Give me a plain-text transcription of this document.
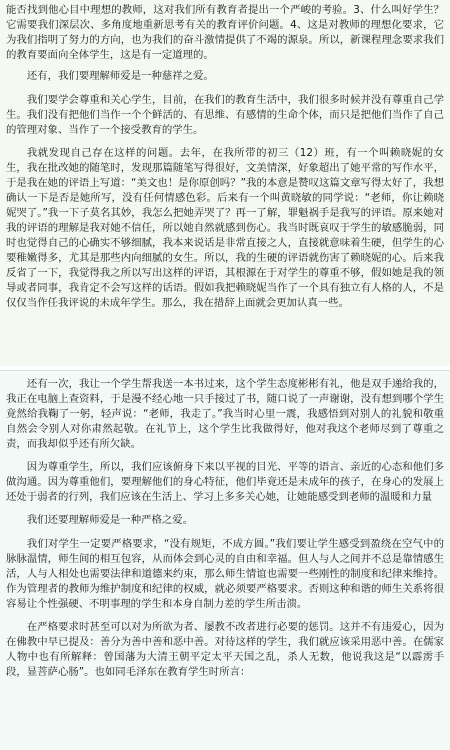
能否找到他心目中理想的教师，这对我们所有教育者提出一个严峻的考验。3、什么叫好学生？它需要我们深层次、多角度地重新思考有关的教育评价问题。4、这是对教师的理想化要求，它为我们指明了努力的方向，也为我们的奋斗激情提供了不竭的源泉。所以，新课程理念要求我们的教育要面向全体学生，这是有一定道理的。

还有，我们要理解师爱是一种慈祥之爱。

我们要学会尊重和关心学生，目前，在我们的教育生活中，我们很多时候并没有尊重自己学生。我们没有把他们当作一个个鲜活的、有思维、有感情的生命个体，而只是把他们当作了自己的管理对象、当作了一个接受教育的学生。

我就发现自己存在这样的问题。去年，在我所带的初三（12）班，有一个叫赖晓妮的女生，我在批改她的随笔时，发现那篇随笔写得很好，文美情深，好象超出了她平常的写作水平，于是我在她的评语上写道：“美文也！是你原创吗？”我的本意是赞叹这篇文章写得太好了，我想确认一下是否是她所写，没有任何情感色彩。后来有一个叫黄晓敏的同学说：“老师，你让赖晓妮哭了。”我一下子莫名其妙，我怎么把她弄哭了？再一了解，罪魁祸手是我写的评语。原来她对我的评语的理解是我对她不信任，所以她自然就感到伤心。我当时既哀叹于学生的敏感脆弱，同时也觉得自己的心确实不够细腻，我本来说话是非常直接之人，直接就意味着生硬，但学生的心要稚嫩得多，尤其是那些内向细腻的女生。所以，我的生硬的评语就伤害了赖晓妮的心。后来我反省了一下，我觉得我之所以写出这样的评语，其根源在于对学生的尊重不够，假如她是我的领导或者同事，我肯定不会写这样的话语。假如我把赖晓妮当作了一个具有独立有人格的人，不是仅仅当作任我评说的未成年学生。那么，我在措辞上面就会更加认真一些。

还有一次，我让一个学生帮我送一本书过来，这个学生态度彬彬有礼，他是双手递给我的，我正在电脑上查资料，于是漫不经心地一只手接过了书，随口说了一声谢谢，没有想到哪个学生竟然给我鞠了一躬，轻声说：“老师，我走了。”我当时心里一震，我感悟到对别人的礼貌和敬重自然会令别人对你肃然起敬。在礼节上，这个学生比我做得好，他对我这个老师尽到了尊重之责，而我却似乎还有所欠缺。

因为尊重学生，所以，我们应该俯身下来以平视的目光、平等的语言、亲近的心态和他们多做沟通。因为尊重他们，要理解他们的身心特征，他们毕竟还是未成年的孩子，在身心的发展上还处于弱者的行列，我们应该在生活上、学习上多多关心她，让她能感受到老师的温暖和力量

我们还要理解师爱是一种严格之爱。

我们对学生一定要严格要求，“没有规矩，不成方圆。”我们要让学生感受到盈绕在空气中的脉脉温情，师生间的相互包容，从而体会到心灵的自由和幸福。但人与人之间并不总是靠情感生活，人与人相处也需要法律和道德来约束，那么师生情谊也需要一些刚性的制度和纪律来维持。作为管理者的教师为维护制度和纪律的权威，就必须要严格要求。否则这种和谐的师生关系将很容易让个性强硬、不明事理的学生和本身自制力差的学生所击溃。

在严格要求时甚至可以对为所欲为者、屡教不改者进行必要的惩罚。这并不有违爱心，因为在佛教中早已提及：善分为善中善和恶中善。对待这样的学生，我们就应该采用恶中善。在儒家人物中也有所解释：曾国藩为大清王朝平定太平天国之乱，杀人无数，他说我这是“以霹雳手段，显菩萨心肠”。也如同毛泽东在教育学生时所言：
